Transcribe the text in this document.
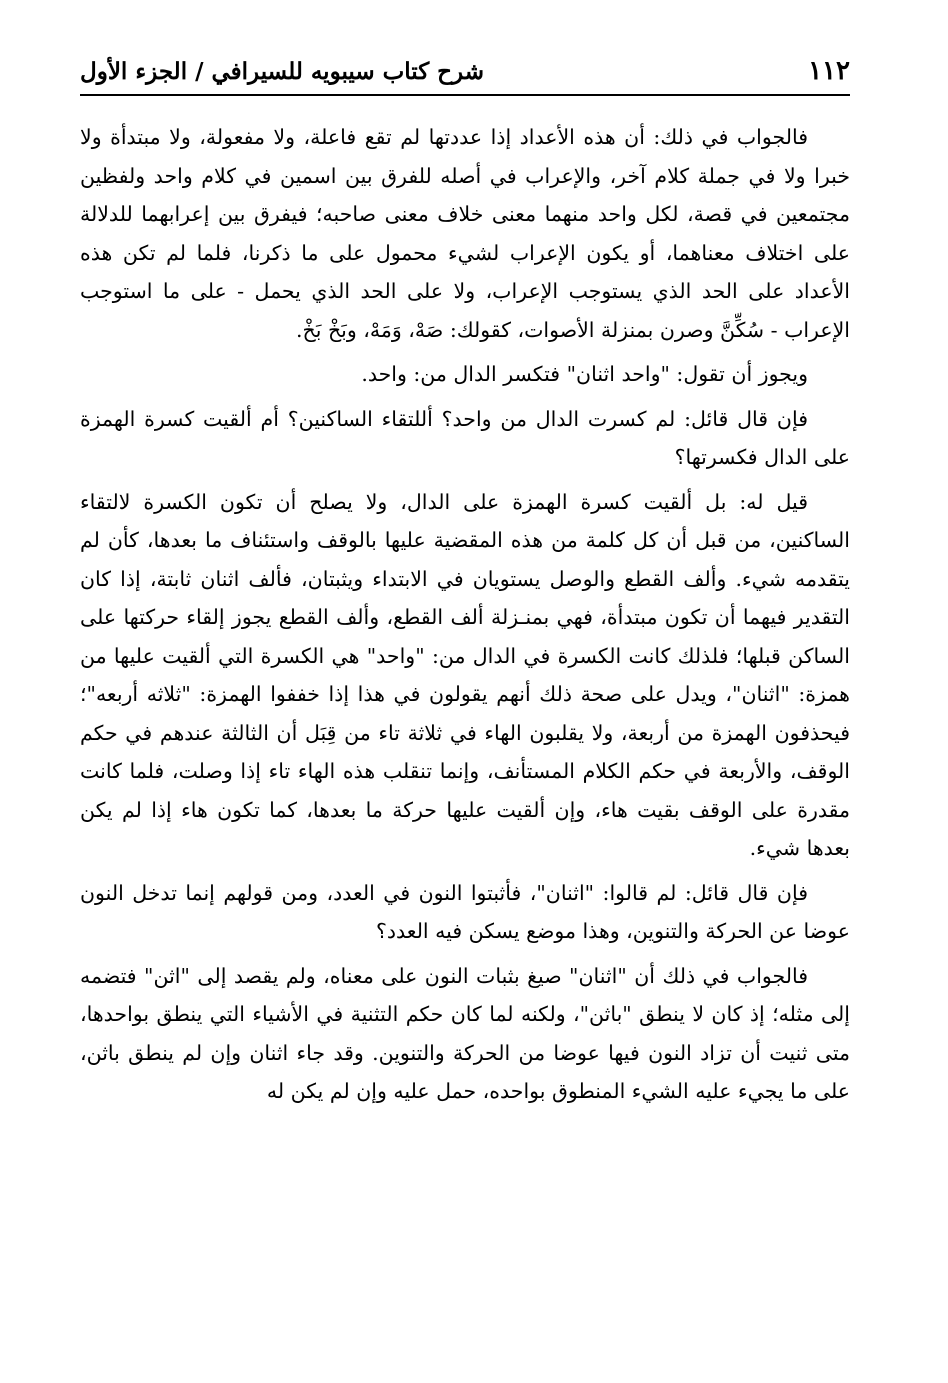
١١٢
شرح كتاب سيبويه للسيرافي / الجزء الأول

فالجواب في ذلك: أن هذه الأعداد إذا عددتها لم تقع فاعلة، ولا مفعولة، ولا مبتدأة ولا خبرا ولا في جملة كلام آخر، والإعراب في أصله للفرق بين اسمين في كلام واحد ولفظين مجتمعين في قصة، لكل واحد منهما معنى خلاف معنى صاحبه؛ فيفرق بين إعرابهما للدلالة على اختلاف معناهما، أو يكون الإعراب لشيء محمول على ما ذكرنا، فلما لم تكن هذه الأعداد على الحد الذي يستوجب الإعراب، ولا على الحد الذي يحمل - على ما استوجب الإعراب - سُكِّنَّ وصرن بمنزلة الأصوات، كقولك: صَهْ، وَمَهْ، وبَخْ بَخْ.

ويجوز أن تقول: "واحد اثنان" فتكسر الدال من: واحد.

فإن قال قائل: لم كسرت الدال من واحد؟ أللتقاء الساكنين؟ أم ألقيت كسرة الهمزة على الدال فكسرتها؟

قيل له: بل ألقيت كسرة الهمزة على الدال، ولا يصلح أن تكون الكسرة لالتقاء الساكنين، من قبل أن كل كلمة من هذه المقضية عليها بالوقف واستئناف ما بعدها، كأن لم يتقدمه شيء. وألف القطع والوصل يستويان في الابتداء ويثبتان، فألف اثنان ثابتة، إذا كان التقدير فيهما أن تكون مبتدأة، فهي بمنـزلة ألف القطع، وألف القطع يجوز إلقاء حركتها على الساكن قبلها؛ فلذلك كانت الكسرة في الدال من: "واحد" هي الكسرة التي ألقيت عليها من همزة: "اثنان"، ويدل على صحة ذلك أنهم يقولون في هذا إذا خففوا الهمزة: "ثلاثه أربعه"؛ فيحذفون الهمزة من أربعة، ولا يقلبون الهاء في ثلاثة تاء من قِبَل أن الثالثة عندهم في حكم الوقف، والأربعة في حكم الكلام المستأنف، وإنما تنقلب هذه الهاء تاء إذا وصلت، فلما كانت مقدرة على الوقف بقيت هاء، وإن ألقيت عليها حركة ما بعدها، كما تكون هاء إذا لم يكن بعدها شيء.

فإن قال قائل: لم قالوا: "اثنان"، فأثبتوا النون في العدد، ومن قولهم إنما تدخل النون عوضا عن الحركة والتنوين، وهذا موضع يسكن فيه العدد؟

فالجواب في ذلك أن "اثنان" صيغ بثبات النون على معناه، ولم يقصد إلى "اثن" فتضمه إلى مثله؛ إذ كان لا ينطق "باثن"، ولكنه لما كان حكم التثنية في الأشياء التي ينطق بواحدها، متى ثنيت أن تزاد النون فيها عوضا من الحركة والتنوين. وقد جاء اثنان وإن لم ينطق باثن، على ما يجيء عليه الشيء المنطوق بواحده، حمل عليه وإن لم يكن له
